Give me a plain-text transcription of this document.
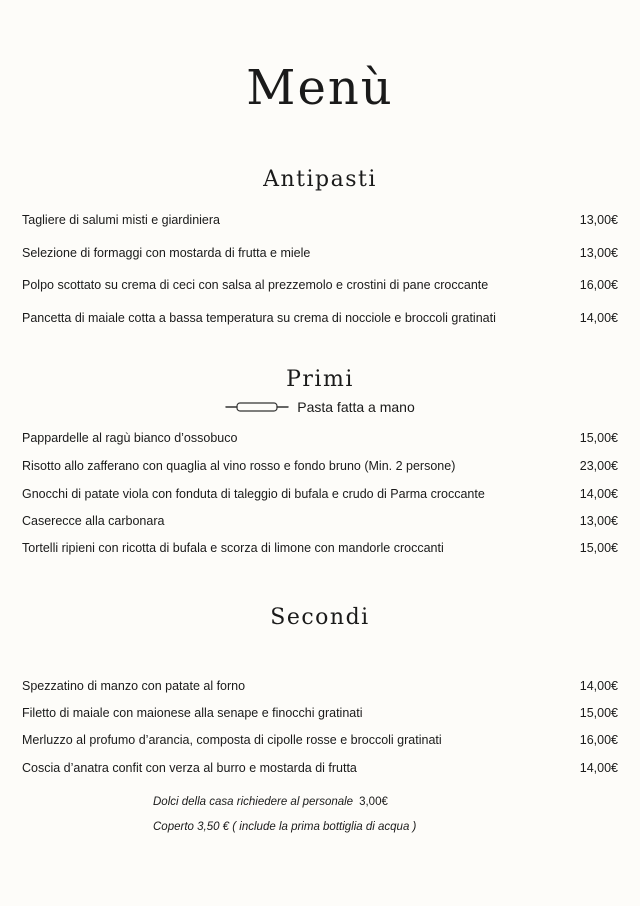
Menù
Antipasti
Tagliere di salumi misti e giardiniera	13,00€
Selezione di formaggi con mostarda di frutta e miele	13,00€
Polpo scottato su crema di ceci con salsa al prezzemolo e crostini di pane croccante	16,00€
Pancetta di maiale cotta a bassa temperatura su crema di nocciole e broccoli gratinati	14,00€
Primi
Pasta fatta a mano
Pappardelle al ragù bianco d’ossobuco	15,00€
Risotto allo zafferano con quaglia al vino rosso e fondo bruno (Min. 2 persone)	23,00€
Gnocchi di patate viola con fonduta di taleggio di bufala e crudo di Parma croccante	14,00€
Caserecce alla carbonara	13,00€
Tortelli ripieni con ricotta di bufala e scorza di limone con mandorle croccanti	15,00€
Secondi
Spezzatino di manzo con patate al forno	14,00€
Filetto di maiale con maionese alla senape e finocchi gratinati	15,00€
Merluzzo al profumo d’arancia, composta di cipolle rosse e broccoli gratinati	16,00€
Coscia d’anatra confit con verza al burro e mostarda di frutta	14,00€
Dolci della casa richiedere al personale 3,00€
Coperto 3,50 € ( include la prima bottiglia di acqua )
